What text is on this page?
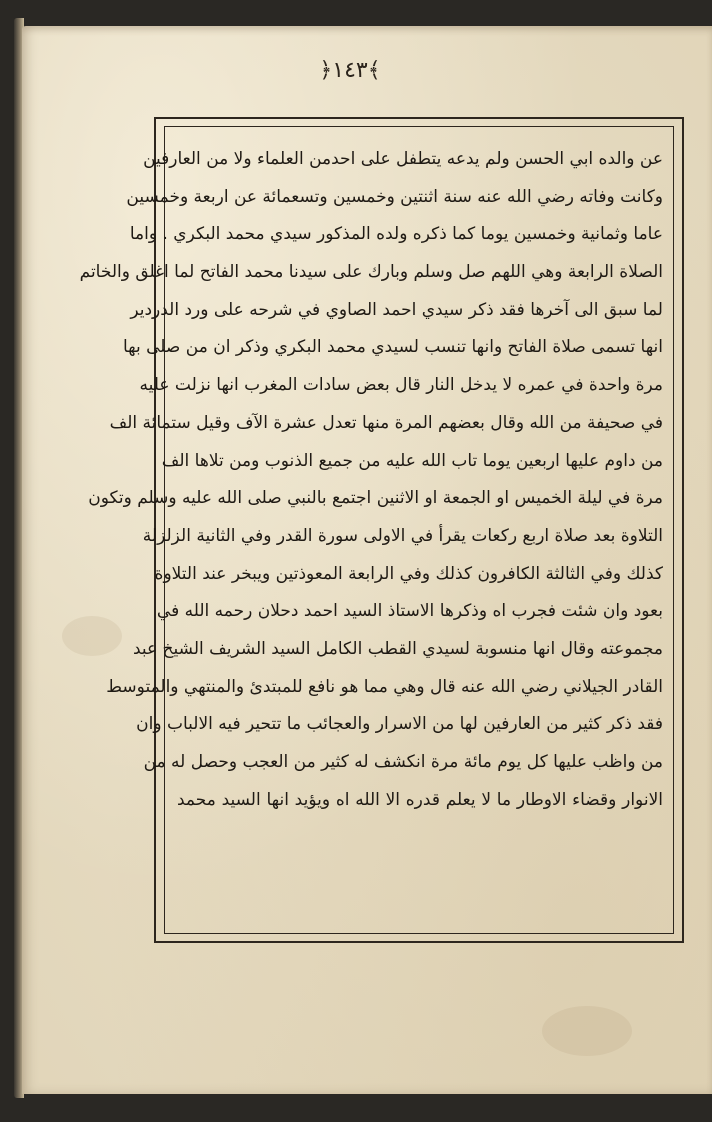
﴿١٤٣﴾
عن والده ابي الحسن ولم يدعه يتطفل على احدمن العلماء ولا من العارفين
وكانت وفاته رضي الله عنه سنة اثنتين وخمسين وتسعمائة عن اربعة وخمسين
عاما وثمانية وخمسين يوما كما ذكره ولده المذكور سيدي محمد البكري . واما
الصلاة الرابعة وهي اللهم صل وسلم وبارك على سيدنا محمد الفاتح لما اغلق والخاتم
لما سبق الى آخرها فقد ذكر سيدي احمد الصاوي في شرحه على ورد الدردير
انها تسمى صلاة الفاتح وانها تنسب لسيدي محمد البكري وذكر ان من صلى بها
مرة واحدة في عمره لا يدخل النار قال بعض سادات المغرب انها نزلت عليه
في صحيفة من الله وقال بعضهم المرة منها تعدل عشرة الآف وقيل ستمائة الف
من داوم عليها اربعين يوما تاب الله عليه من جميع الذنوب ومن تلاها الف
مرة في ليلة الخميس او الجمعة او الاثنين اجتمع بالنبي صلى الله عليه وسلم وتكون
التلاوة بعد صلاة اربع ركعات يقرأ في الاولى سورة القدر وفي الثانية الزلزلة
كذلك وفي الثالثة الكافرون كذلك وفي الرابعة المعوذتين ويبخر عند التلاوة
بعود وان شئت فجرب اه وذكرها الاستاذ السيد احمد دحلان رحمه الله في
مجموعته وقال انها منسوبة لسيدي القطب الكامل السيد الشريف الشيخ عبد
القادر الجيلاني رضي الله عنه قال وهي مما هو نافع للمبتدئ والمنتهي والمتوسط
فقد ذكر كثير من العارفين لها من الاسرار والعجائب ما تتحير فيه الالباب وان
من واظب عليها كل يوم مائة مرة انكشف له كثير من العجب وحصل له من
الانوار وقضاء الاوطار ما لا يعلم قدره الا الله اه ويؤيد انها السيد محمد
